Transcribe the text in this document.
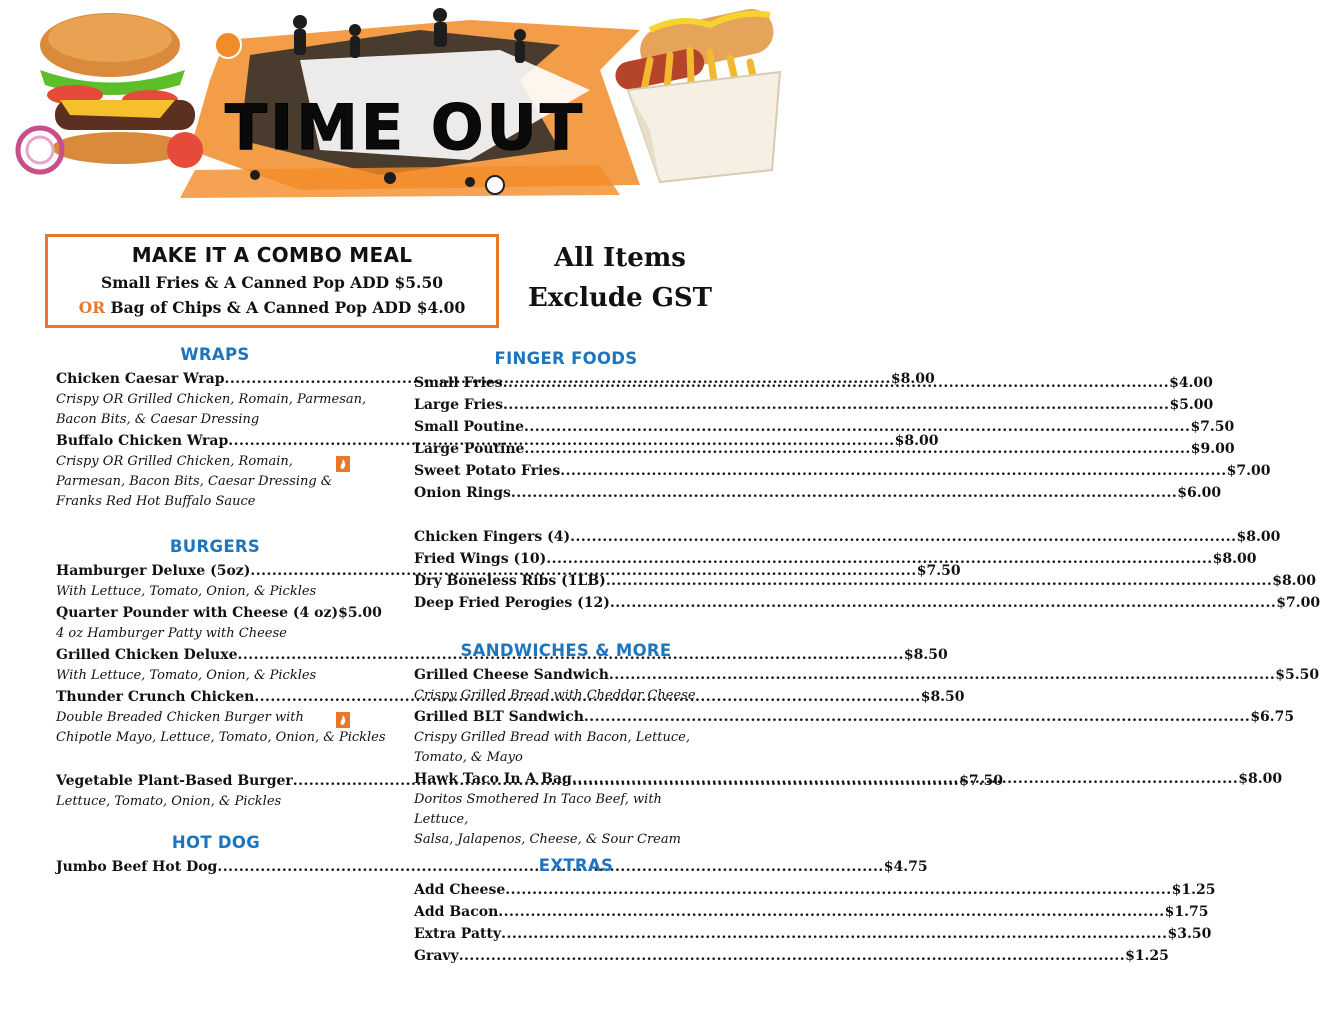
TIME OUT
MAKE IT A COMBO MEAL
Small Fries & A Canned Pop ADD $5.50
OR Bag of Chips & A Canned Pop ADD $4.00
All Items
Exclude GST
WRAPS
Chicken Caesar Wrap .....	$8.00
Crispy OR Grilled Chicken, Romain, Parmesan,
Bacon Bits, & Caesar Dressing
Buffalo Chicken Wrap .....	$8.00
Crispy OR Grilled Chicken, Romain,
Parmesan, Bacon Bits, Caesar Dressing &
Franks Red Hot Buffalo Sauce
BURGERS
Hamburger Deluxe (5oz) .....	$7.50
With Lettuce, Tomato, Onion, & Pickles
Quarter Pounder with Cheese (4 oz) $5.00
4 oz Hamburger Patty with Cheese
Grilled Chicken Deluxe .....	$8.50
With Lettuce, Tomato, Onion, & Pickles
Thunder Crunch Chicken .....	$8.50
Double Breaded Chicken Burger with
Chipotle Mayo, Lettuce, Tomato, Onion, & Pickles
Vegetable Plant-Based Burger .....	$7.50
Lettuce, Tomato, Onion, & Pickles
HOT DOG
Jumbo Beef Hot Dog .....	$4.75
FINGER FOODS
Small Fries .....	$4.00
Large Fries .....	$5.00
Small Poutine .....	$7.50
Large Poutine .....	$9.00
Sweet Potato Fries .....	$7.00
Onion Rings .....	$6.00
Chicken Fingers (4) .....	$8.00
Fried Wings (10) .....	$8.00
Dry Boneless Ribs (1LB) .....	$8.00
Deep Fried Perogies (12) .....	$7.00
SANDWICHES & MORE
Grilled Cheese Sandwich .....	$5.50
Crispy Grilled Bread with Cheddar Cheese
Grilled BLT Sandwich .....	$6.75
Crispy Grilled Bread with Bacon, Lettuce,
Tomato, & Mayo
Hawk Taco In A Bag .....	$8.00
Doritos Smothered In Taco Beef, with Lettuce,
Salsa, Jalapenos, Cheese, & Sour Cream
EXTRAS
Add Cheese .....	$1.25
Add Bacon .....	$1.75
Extra Patty .....	$3.50
Gravy .....	$1.25
